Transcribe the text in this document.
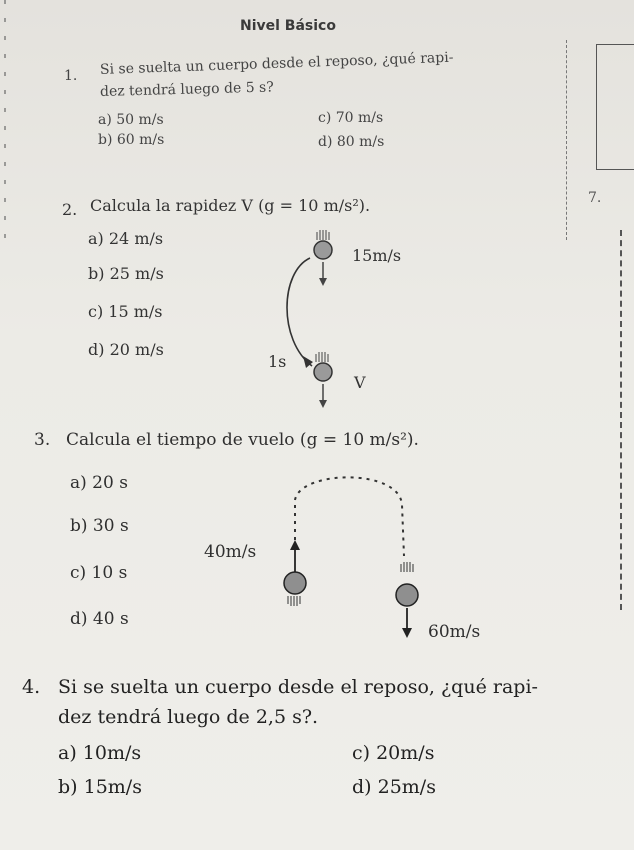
7.
Nivel Básico
1. Si se suelta un cuerpo desde el reposo, ¿qué rapi-
dez tendrá luego de 5 s?
a) 50 m/s
b) 60 m/s
c) 70 m/s
d) 80 m/s
2. Calcula la rapidez V (g = 10 m/s²).
a) 24 m/s
b) 25 m/s
c) 15 m/s
d) 20 m/s
15m/s
1s
V
3. Calcula el tiempo de vuelo (g = 10 m/s²).
a) 20 s
b) 30 s
c) 10 s
d) 40 s
40m/s
60m/s
4. Si se suelta un cuerpo desde el reposo, ¿qué rapi-
dez tendrá luego de 2,5 s?.
a) 10m/s
b) 15m/s
c) 20m/s
d) 25m/s
